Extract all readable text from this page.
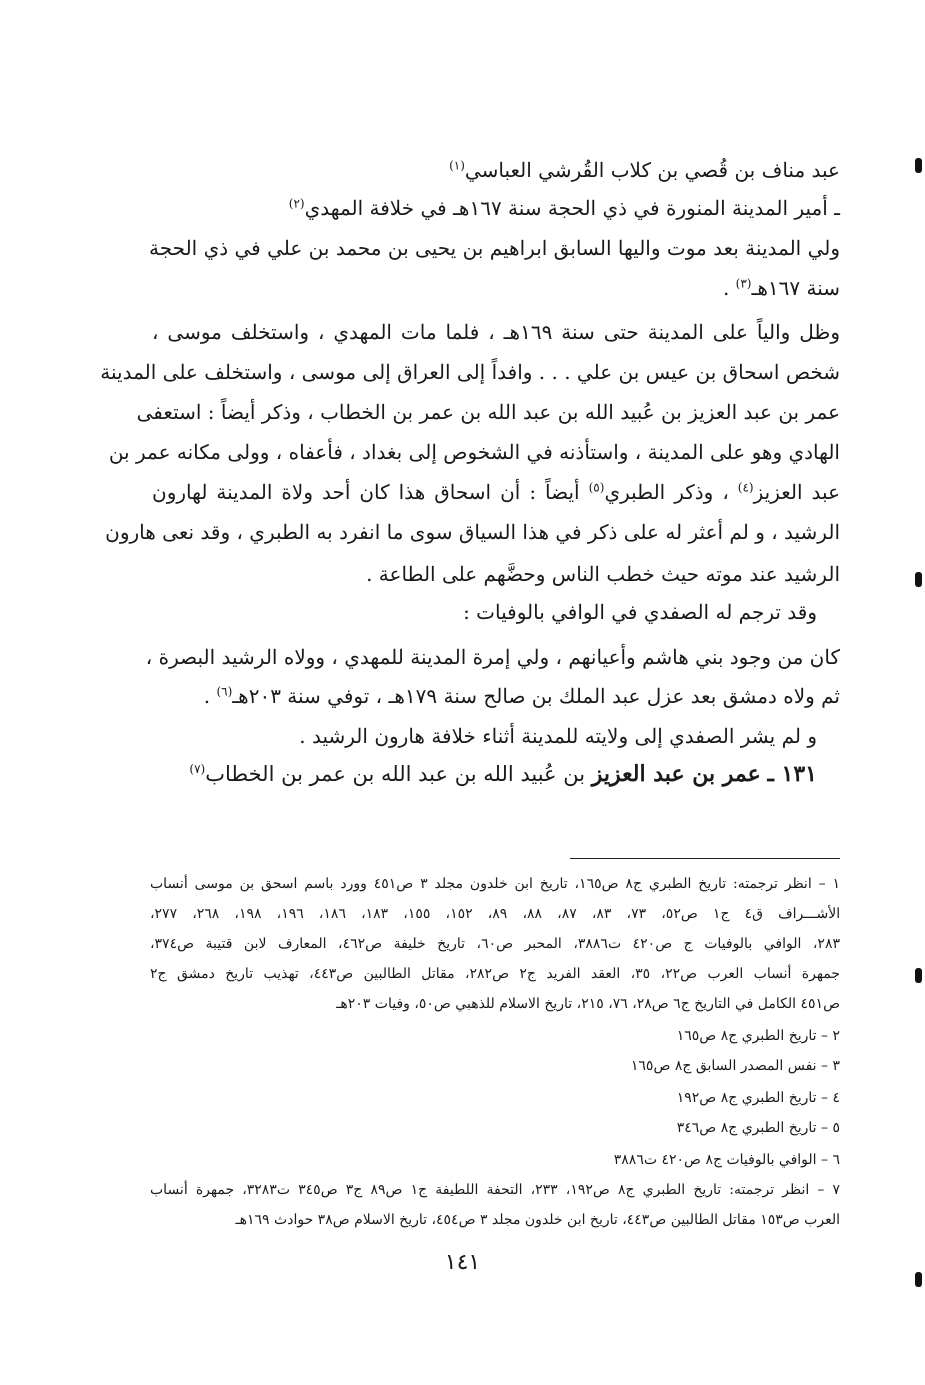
عبد مناف بن قُصي بن كلاب القُرشي العباسي$^{(١)}$
ـ أمير المدينة المنورة في ذي الحجة سنة ١٦٧هـ في خلافة المهدي$^{(٢)}$
ولي المدينة بعد موت واليها السابق ابراهيم بن يحيى بن محمد بن علي في ذي الحجة
سنة ١٦٧هـ$^{(٣)}$ .
وظل والياً على المدينة حتى سنة ١٦٩هـ ، فلما مات المهدي ، واستخلف موسى ،
شخص اسحاق بن عيس بن علي . . . وافداً إلى العراق إلى موسى ، واستخلف على المدينة
عمر بن عبد العزيز بن عُبيد الله بن عبد الله بن عمر بن الخطاب ، وذكر أيضاً : استعفى
الهادي وهو على المدينة ، واستأذنه في الشخوص إلى بغداد ، فأعفاه ، وولى مكانه عمر بن
عبد العزيز$^{(٤)}$ ، وذكر الطبري$^{(٥)}$ أيضاً : أن اسحاق هذا كان أحد ولاة المدينة لهارون
الرشيد ، و لم أعثر له على ذكر في هذا السياق سوى ما انفرد به الطبري ، وقد نعى هارون
الرشيد عند موته حيث خطب الناس وحضَّهم على الطاعة .
وقد ترجم له الصفدي في الوافي بالوفيات :
كان من وجود بني هاشم وأعيانهم ، ولي إمرة المدينة للمهدي ، وولاه الرشيد البصرة ،
ثم ولاه دمشق بعد عزل عبد الملك بن صالح سنة ١٧٩هـ ، توفي سنة ٢٠٣هـ$^{(٦)}$ .
و لم يشر الصفدي إلى ولايته للمدينة أثناء خلافة هارون الرشيد .
١٣١ ـ عمر بن عبد العزيز بن عُبيد الله بن عبد الله بن عمر بن الخطاب$^{(٧)}$
١ – انظر ترجمته: تاريخ الطبري ج٨ ص١٦٥، تاريخ ابن خلدون مجلد ٣ ص٤٥١ وورد باسم اسحق بن موسى أنساب
الأشـــراف ق٤ ج١ ص٥٢، ٧٣، ٨٣، ٨٧، ٨٨، ٨٩، ١٥٢، ١٥٥، ١٨٣، ١٨٦، ١٩٦، ١٩٨، ٢٦٨، ٢٧٧،
٢٨٣، الوافي بالوفيات ج ص٤٢٠ ت٣٨٨٦، المحبر ص٦٠، تاريخ خليفة ص٤٦٢، المعارف لابن قتيبة ص٣٧٤،
جمهرة أنساب العرب ص٢٢، ٣٥، العقد الفريد ج٢ ص٢٨٢، مقاتل الطالبين ص٤٤٣، تهذيب تاريخ دمشق ج٢
ص٤٥١ الكامل في التاريخ ج٦ ص٢٨، ٧٦، ٢١٥، تاريخ الاسلام للذهبي ص٥٠، وفيات ٢٠٣هـ
٢ – تاريخ الطبري ج٨ ص١٦٥
٣ – نفس المصدر السابق ج٨ ص١٦٥
٤ – تاريخ الطبري ج٨ ص١٩٢
٥ – تاريخ الطبري ج٨ ص٣٤٦
٦ – الوافي بالوفيات ج٨ ص٤٢٠ ت٣٨٨٦
٧ – انظر ترجمته: تاريخ الطبري ج٨ ص١٩٢، ٢٣٣، التحفة اللطيفة ج١ ص٨٩ ج٣ ص٣٤٥ ت٣٢٨٣، جمهرة أنساب
العرب ص١٥٣ مقاتل الطالبين ص٤٤٣، تاريخ ابن خلدون مجلد ٣ ص٤٥٤، تاريخ الاسلام ص٣٨ حوادث ١٦٩هـ
١٤١
